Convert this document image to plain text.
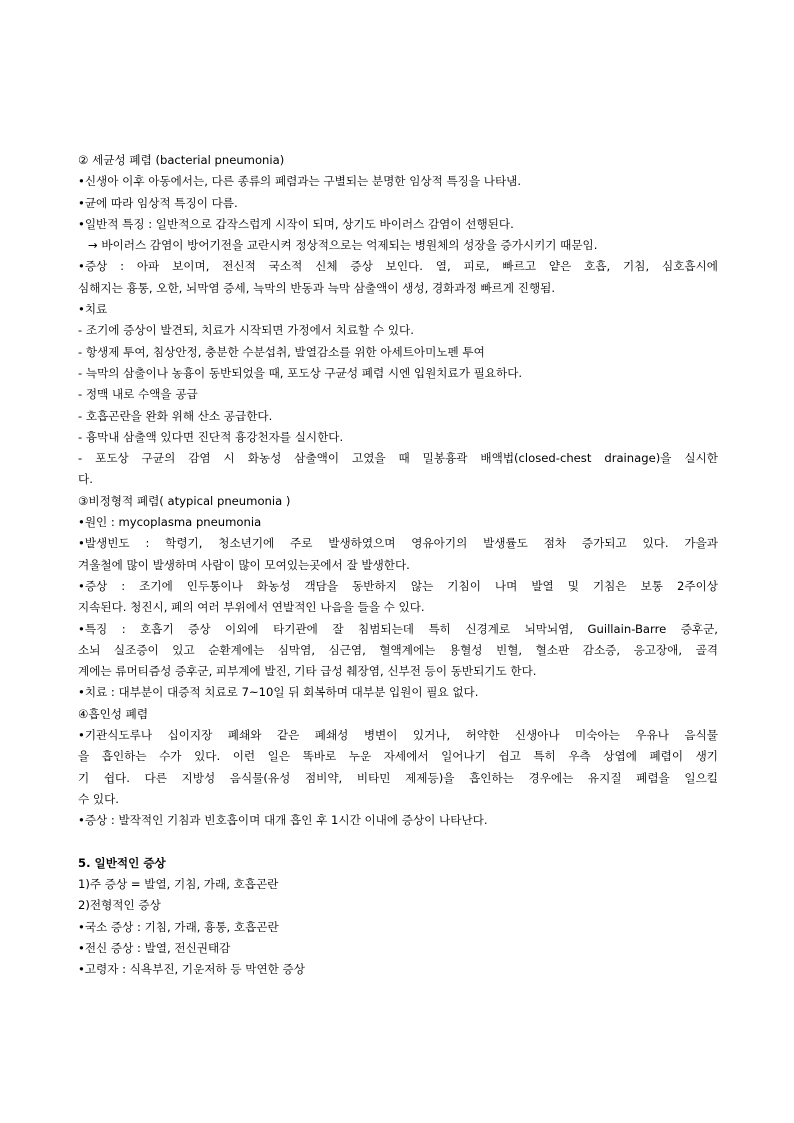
② 세균성 폐렴 (bacterial pneumonia)
•신생아 이후 아동에서는, 다른 종류의 폐렴과는 구별되는 분명한 임상적 특징을 나타냄.
•균에 따라 임상적 특징이 다름.
•일반적 특징 : 일반적으로 갑작스럽게 시작이 되며, 상기도 바이러스 감염이 선행된다.
→ 바이러스 감염이 방어기전을 교란시켜 정상적으로는 억제되는 병원체의 성장을 증가시키기 때문임.
•증상 : 아파 보이며, 전신적 국소적 신체 증상 보인다. 열, 피로, 빠르고 얕은 호흡, 기침, 심호흡시에
심해지는 흉통, 오한, 뇌막염 증세, 늑막의 반동과 늑막 삼출액이 생성, 경화과정 빠르게 진행됨.
•치료
- 조기에 증상이 발견되, 치료가 시작되면 가정에서 치료할 수 있다.
- 항생제 투여, 침상안정, 충분한 수분섭취, 발열감소를 위한 아세트아미노펜 투여
- 늑막의 삼출이나 농흉이 동반되었을 때, 포도상 구균성 폐렴 시엔 입원치료가 필요하다.
- 정맥 내로 수액을 공급
- 호흡곤란을 완화 위해 산소 공급한다.
- 흉막내 삼출액 있다면 진단적 흉강천자를 실시한다.
- 포도상 구균의 감염 시 화농성 삼출액이 고였을 때 밀봉흉곽 배액법(closed-chest drainage)을 실시한
다.
③비정형적 폐렴( atypical pneumonia )
•원인 : mycoplasma pneumonia
•발생빈도 : 학령기, 청소년기에 주로 발생하였으며 영유아기의 발생률도 점차 증가되고 있다. 가을과
겨울철에 많이 발생하며 사람이 많이 모여있는곳에서 잘 발생한다.
•증상 : 조기에 인두통이나 화농성 객담을 동반하지 않는 기침이 나며 발열 및 기침은 보통 2주이상
지속된다. 청진시, 폐의 여러 부위에서 연발적인 나음을 들을 수 있다.
•특징 : 호흡기 증상 이외에 타기관에 잘 침범되는데 특히 신경계로 뇌막뇌염, Guillain-Barre 증후군,
소뇌 실조증이 있고 순환계에는 심막염, 심근염, 혈액계에는 용혈성 빈혈, 혈소판 감소증, 응고장애, 골격
계에는 류머티즘성 증후군, 피부계에 발진, 기타 급성 췌장염, 신부전 등이 동반되기도 한다.
•치료 : 대부분이 대증적 치료로 7~10일 뒤 회복하며 대부분 입원이 필요 없다.
④흡인성 폐렴
•기관식도루나 십이지장 폐쇄와 같은 폐쇄성 병변이 있거나, 허약한 신생아나 미숙아는 우유나 음식물
을 흡인하는 수가 있다. 이런 일은 똑바로 누운 자세에서 일어나기 쉽고 특히 우측 상엽에 폐렴이 생기
기 쉽다. 다른 지방성 음식물(유성 점비약, 비타민 제제등)을 흡인하는 경우에는 유지질 폐렴을 일으킬
수 있다.
•증상 : 발작적인 기침과 빈호흡이며 대개 흡인 후 1시간 이내에 증상이 나타난다.
5. 일반적인 증상
1)주 증상 = 발열, 기침, 가래, 호흡곤란
2)전형적인 증상
•국소 증상 : 기침, 가래, 흉통, 호흡곤란
•전신 증상 : 발열, 전신권태감
•고령자 : 식욕부진, 기운저하 등 막연한 증상
